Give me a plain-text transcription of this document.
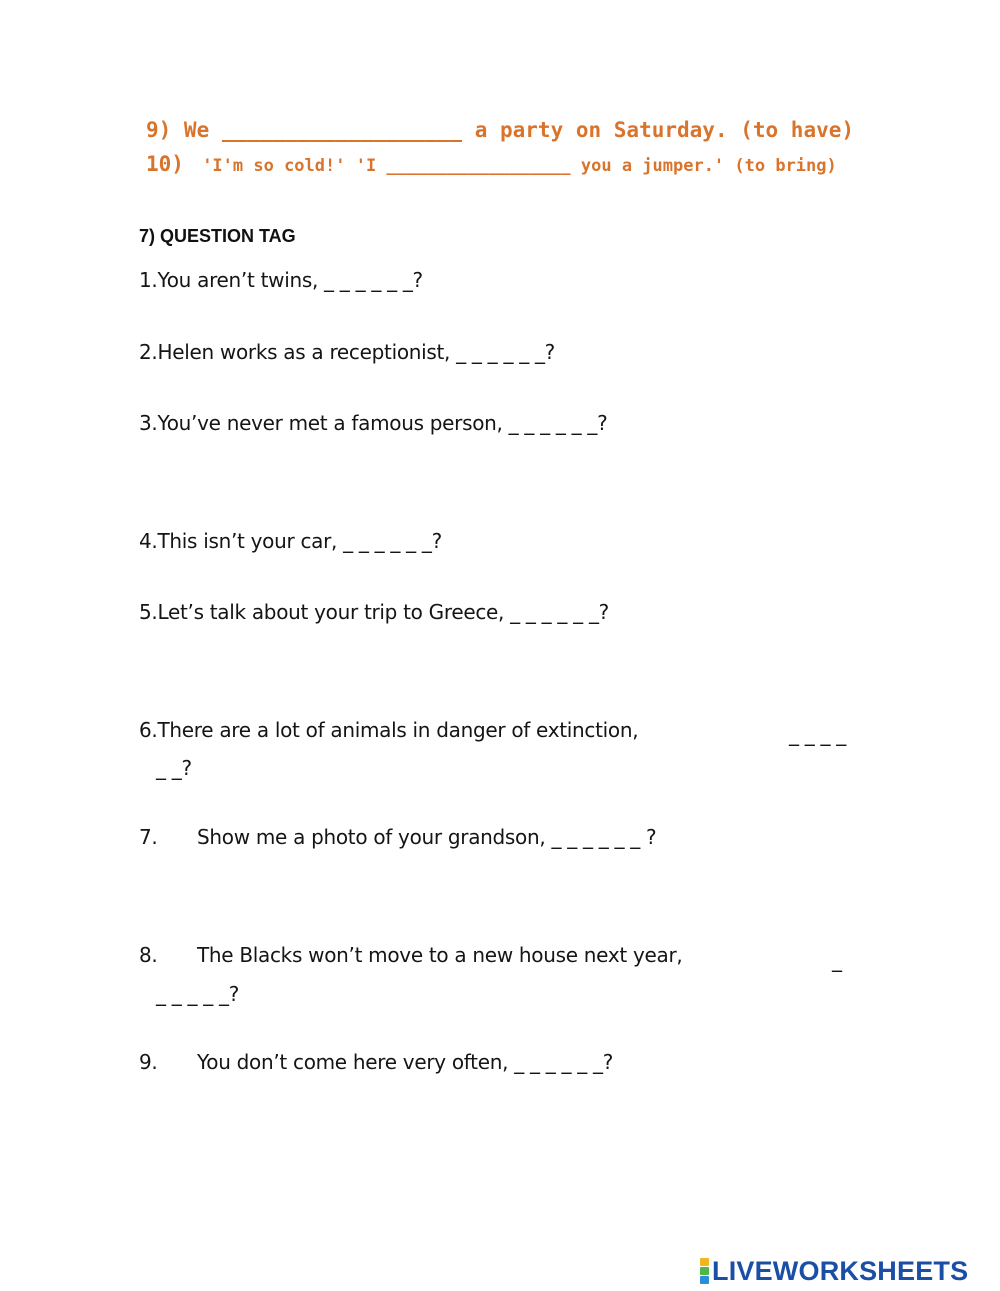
9) We ___________________ a party on Saturday. (to have)
10) 'I'm so cold!' 'I __________________ you a jumper.' (to bring)
7) QUESTION TAG
1.You aren’t twins, _ _ _ _ _ _?
2.Helen works as a receptionist, _ _ _ _ _ _?
3.You’ve never met a famous person, _ _ _ _ _ _?
4.This isn’t your car, _ _ _ _ _ _?
5.Let’s talk about your trip to Greece, _ _ _ _ _ _?
6.There are a lot of animals in danger of extinction,	_ _ _ _
_ _?
7. Show me a photo of your grandson, _ _ _ _ _ _ ?
8. The Blacks won’t move to a new house next year,	_
_ _ _ _ _?
9. You don’t come here very often, _ _ _ _ _ _?
LIVEWORKSHEETS
